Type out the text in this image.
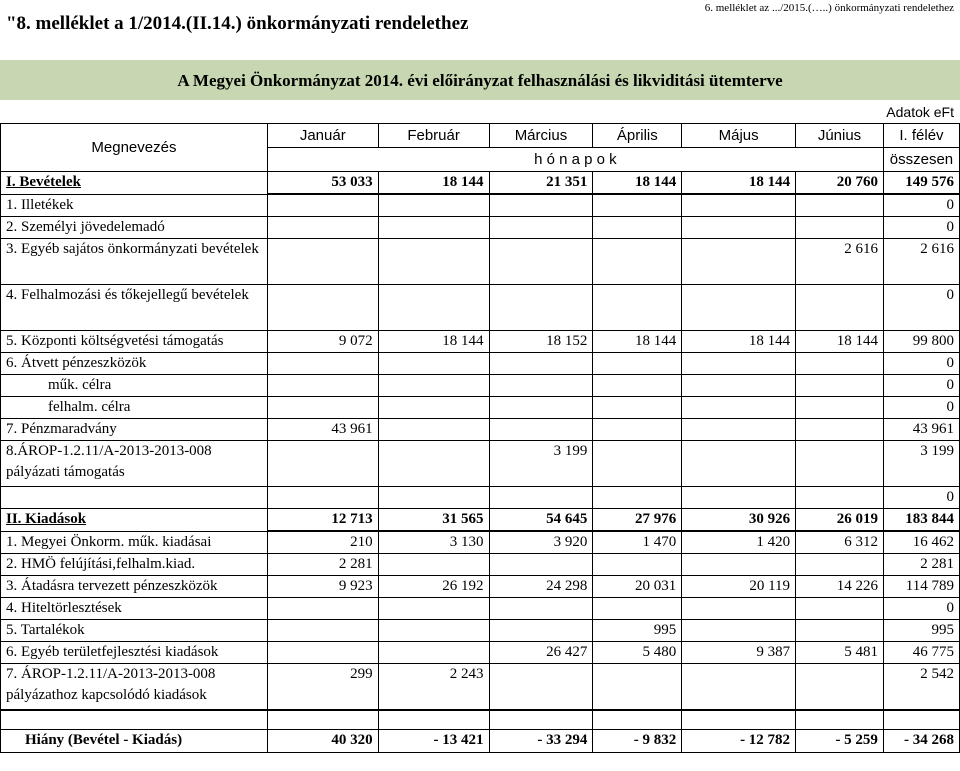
"8. melléklet a 1/2014.(II.14.) önkormányzati rendelethez
6. melléklet az .../2015.(…..) önkormányzati rendelethez
A Megyei Önkormányzat 2014. évi előirányzat felhasználási és likviditási ütemterve
Adatok eFt
Megnevezés	Január	Február	Március	Április	Május	Június	I. félév
	h ó n a p o k						összesen
I. Bevételek	53 033	18 144	21 351	18 144	18 144	20 760	149 576
1. Illetékek							0
2. Személyi jövedelemadó							0
3. Egyéb sajátos önkormányzati bevételek						2 616	2 616
4. Felhalmozási és tőkejellegű bevételek							0
5. Központi költségvetési támogatás	9 072	18 144	18 152	18 144	18 144	18 144	99 800
6. Átvett pénzeszközök							0
műk. célra							0
felhalm. célra							0
7. Pénzmaradvány	43 961						43 961
8.ÁROP-1.2.11/A-2013-2013-008 pályázati támogatás			3 199				3 199
							0
II. Kiadások	12 713	31 565	54 645	27 976	30 926	26 019	183 844
1. Megyei Önkorm. műk. kiadásai	210	3 130	3 920	1 470	1 420	6 312	16 462
2. HMÖ felújítási,felhalm.kiad.	2 281						2 281
3. Átadásra tervezett pénzeszközök	9 923	26 192	24 298	20 031	20 119	14 226	114 789
4. Hiteltörlesztések							0
5. Tartalékok				995			995
6. Egyéb területfejlesztési kiadások			26 427	5 480	9 387	5 481	46 775
7. ÁROP-1.2.11/A-2013-2013-008 pályázathoz kapcsolódó kiadások	299	2 243					2 542

Hiány (Bevétel - Kiadás)	40 320	- 13 421	- 33 294	- 9 832	- 12 782	- 5 259	- 34 268
